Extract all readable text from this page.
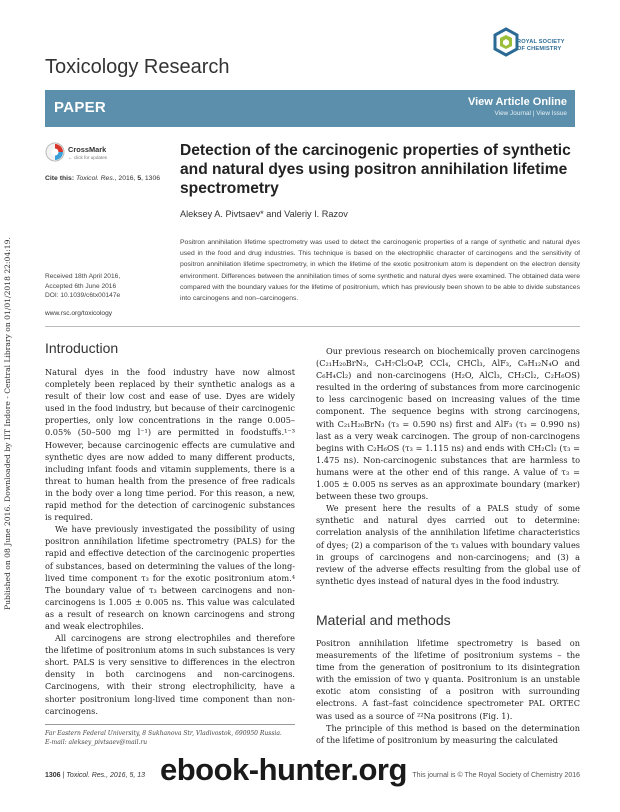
Published on 08 June 2016. Downloaded by IIT Indore - Central Library on 01/01/2018 22:04:19.
ROYAL SOCIETY
OF CHEMISTRY
Toxicology Research
PAPER	View Article Online
View Journal | View Issue
CrossMark
← click for updates
Cite this: Toxicol. Res., 2016, 5, 1306
Detection of the carcinogenic properties of synthetic and natural dyes using positron annihilation lifetime spectrometry
Aleksey A. Pivtsaev* and Valeriy I. Razov

Positron annihilation lifetime spectrometry was used to detect the carcinogenic properties of a range of synthetic and natural dyes used in the food and drug industries. This technique is based on the electrophilic character of carcinogens and the sensitivity of positron annihilation lifetime spectrometry, in which the lifetime of the exotic positronium atom is dependent on the electron density environment. Differences between the annihilation times of some synthetic and natural dyes were examined. The obtained data were compared with the boundary values for the lifetime of positronium, which has previously been shown to be able to divide substances into carcinogens and non–carcinogens.

Received 18th April 2016,
Accepted 6th June 2016
DOI: 10.1039/c6tx00147e
www.rsc.org/toxicology
Introduction

Natural dyes in the food industry have now almost completely been replaced by their synthetic analogs as a result of their low cost and ease of use. Dyes are widely used in the food industry, but because of their carcinogenic properties, only low concentrations in the range 0.005–0.05% (50–500 mg l⁻¹) are permitted in foodstuffs.¹⁻³ However, because carcinogenic effects are cumulative and synthetic dyes are now added to many different products, including infant foods and vitamin supplements, there is a threat to human health from the presence of free radicals in the body over a long time period. For this reason, a new, rapid method for the detection of carcinogenic substances is required.

We have previously investigated the possibility of using positron annihilation lifetime spectrometry (PALS) for the rapid and effective detection of the carcinogenic properties of substances, based on determining the values of the long-lived time component τ₃ for the exotic positronium atom.⁴ The boundary value of τ₃ between carcinogens and non-carcinogens is 1.005 ± 0.005 ns. This value was calculated as a result of research on known carcinogens and strong and weak electrophiles.

All carcinogens are strong electrophiles and therefore the lifetime of positronium atoms in such substances is very short. PALS is very sensitive to differences in the electron density in both carcinogens and non-carcinogens. Carcinogens, with their strong electrophilicity, have a shorter positronium long-lived time component than non-carcinogens.

Our previous research on biochemically proven carcinogens (C₂₁H₂₀BrN₃, C₄H₇Cl₂O₄P, CCl₄, CHCl₃, AlF₃, C₈H₁₂N₄O and C₆H₄Cl₂) and non-carcinogens (H₂O, AlCl₃, CH₂Cl₂, C₂H₆OS) resulted in the ordering of substances from more carcinogenic to less carcinogenic based on increasing values of the time component. The sequence begins with strong carcinogens, with C₂₁H₂₀BrN₃ (τ₃ = 0.590 ns) first and AlF₃ (τ₃ = 0.990 ns) last as a very weak carcinogen. The group of non-carcinogens begins with C₂H₆OS (τ₃ = 1.115 ns) and ends with CH₂Cl₂ (τ₃ = 1.475 ns). Non-carcinogenic substances that are harmless to humans were at the other end of this range. A value of τ₃ = 1.005 ± 0.005 ns serves as an approximate boundary (marker) between these two groups.

We present here the results of a PALS study of some synthetic and natural dyes carried out to determine: correlation analysis of the annihilation lifetime characteristics of dyes; (2) a comparison of the τ₃ values with boundary values in groups of carcinogens and non-carcinogens; and (3) a review of the adverse effects resulting from the global use of synthetic dyes instead of natural dyes in the food industry.

Material and methods

Positron annihilation lifetime spectrometry is based on measurements of the lifetime of positronium systems – the time from the generation of positronium to its disintegration with the emission of two γ quanta. Positronium is an unstable exotic atom consisting of a positron with surrounding electrons. A fast–fast coincidence spectrometer PAL ORTEC was used as a source of ²²Na positrons (Fig. 1).

The principle of this method is based on the determination of the lifetime of positronium by measuring the calculated

Far Eastern Federal University, 8 Sukhanova Str, Vladivostok, 690950 Russia.
E-mail: aleksey_pivtsaev@mail.ru
1306 | Toxicol. Res., 2016, 5, 13	This journal is © The Royal Society of Chemistry 2016
ebook-hunter.org
